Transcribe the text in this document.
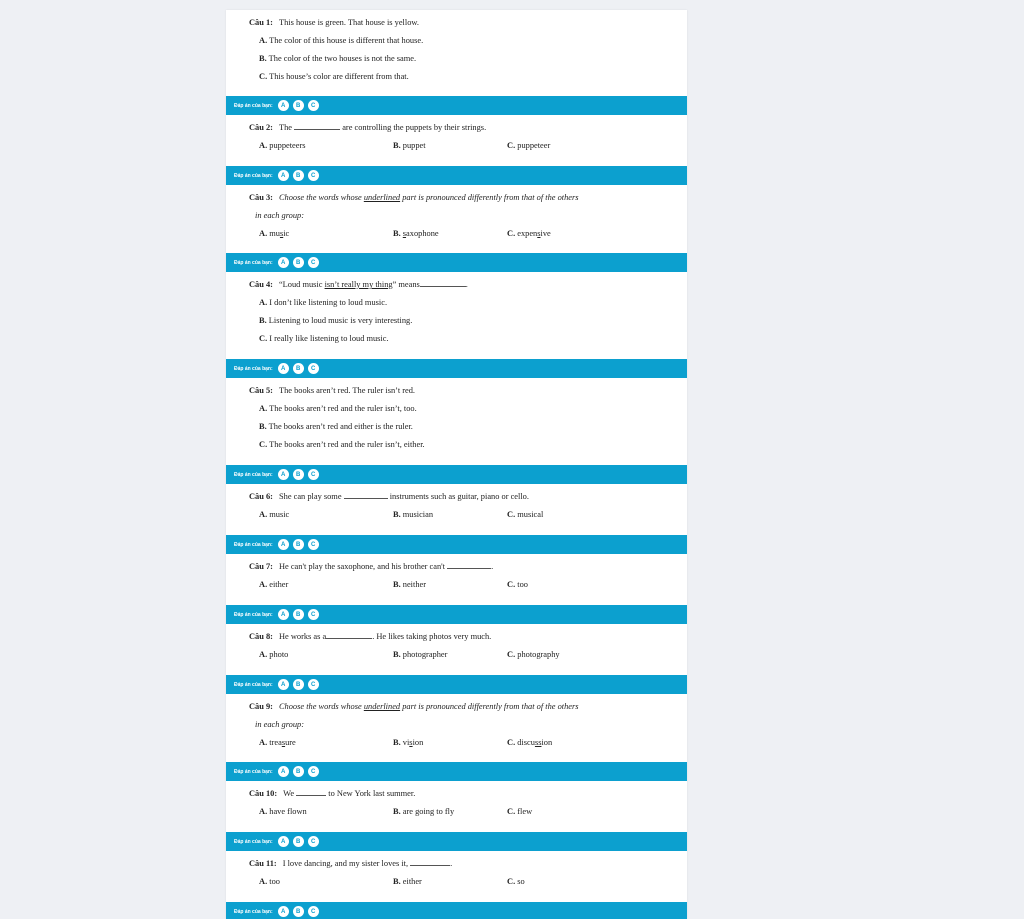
Câu 1: This house is green. That house is yellow.
A. The color of this house is different that house.
B. The color of the two houses is not the same.
C. This house’s color are different from that.
Đáp án của bạn:	A	B	C
Câu 2: The	are controlling the puppets by their strings.
A. puppeteers	B. puppet	C. puppeteer
Đáp án của bạn:	A	B	C
Câu 3: Choose the words whose underlined part is pronounced differently from that of the others
in each group:
A. music	B. saxophone	C. expensive
Đáp án của bạn:	A	B	C
Câu 4: “Loud music isn’t really my thing” means	.
A. I don’t like listening to loud music.
B. Listening to loud music is very interesting.
C. I really like listening to loud music.
Đáp án của bạn:	A	B	C
Câu 5: The books aren’t red. The ruler isn’t red.
A. The books aren’t red and the ruler isn’t, too.
B. The books aren’t red and either is the ruler.
C. The books aren’t red and the ruler isn’t, either.
Đáp án của bạn:	A	B	C
Câu 6: She can play some	instruments such as guitar, piano or cello.
A. music	B. musician	C. musical
Đáp án của bạn:	A	B	C
Câu 7: He can't play the saxophone, and his brother can't	.
A. either	B. neither	C. too
Đáp án của bạn:	A	B	C
Câu 8: He works as a	. He likes taking photos very much.
A. photo	B. photographer	C. photography
Đáp án của bạn:	A	B	C
Câu 9: Choose the words whose underlined part is pronounced differently from that of the others
in each group:
A. treasure	B. vision	C. discussion
Đáp án của bạn:	A	B	C
Câu 10: We	to New York last summer.
A. have flown	B. are going to fly	C. flew
Đáp án của bạn:	A	B	C
Câu 11: I love dancing, and my sister loves it,	.
A. too	B. either	C. so
Đáp án của bạn:	A	B	C
